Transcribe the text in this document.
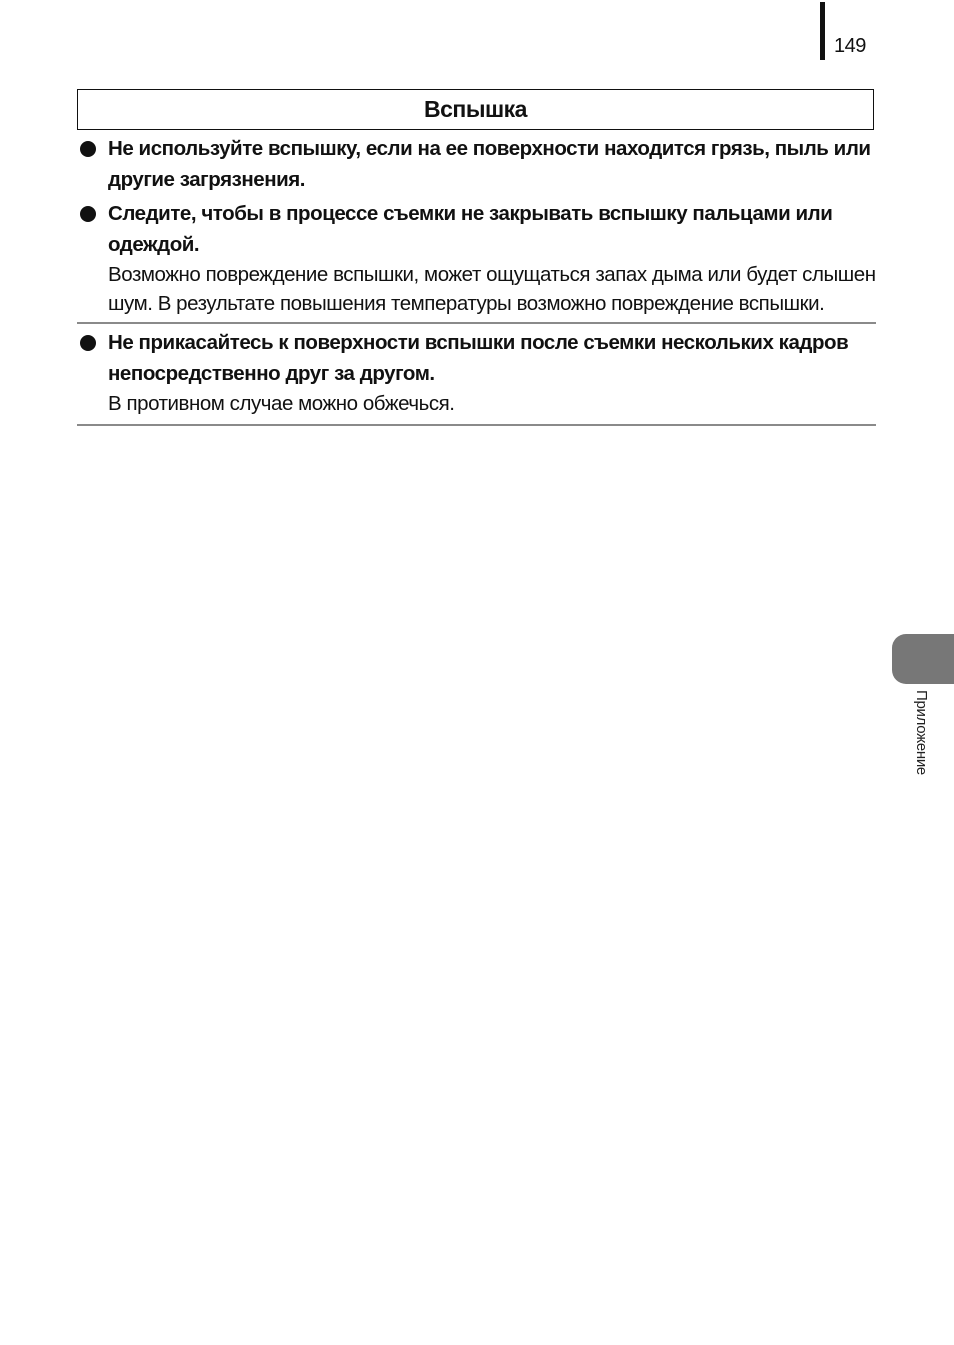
149
Вспышка
Не используйте вспышку, если на ее поверхности находится грязь, пыль или другие загрязнения.
Следите, чтобы в процессе съемки не закрывать вспышку пальцами или одеждой.
Возможно повреждение вспышки, может ощущаться запах дыма или будет слышен шум. В результате повышения температуры возможно повреждение вспышки.
Не прикасайтесь к поверхности вспышки после съемки нескольких кадров непосредственно друг за другом.
В противном случае можно обжечься.
Приложение
